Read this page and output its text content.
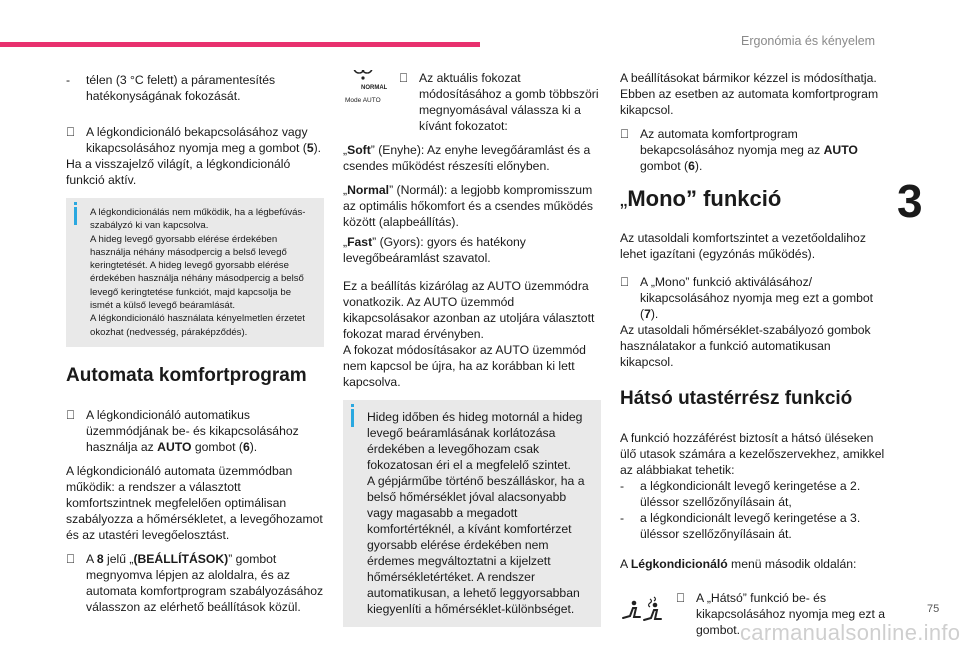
Ergonómia és kényelem
3
75
carmanualsonline.info

- télen (3 °C felett) a páramentesítés hatékonyságának fokozását.

A légkondicionáló bekapcsolásához vagy kikapcsolásához nyomja meg a gombot (5).

Ha a visszajelző világít, a légkondicionáló funkció aktív.

A légkondicionálás nem működik, ha a légbefúvás-szabályzó ki van kapcsolva.
A hideg levegő gyorsabb elérése érdekében használja néhány másodpercig a belső levegő keringtetését. A hideg levegő gyorsabb elérése érdekében használja néhány másodpercig a belső levegő keringtetése funkciót, majd kapcsolja be ismét a külső levegő beáramlását.
A légkondicionáló használata kényelmetlen érzetet okozhat (nedvesség, páraképződés).
Automata komfortprogram

A légkondicionáló automatikus üzemmódjának be- és kikapcsolásához használja az AUTO gombot (6).

A légkondicionáló automata üzemmódban működik: a rendszer a választott komfortszintnek megfelelően optimálisan szabályozza a hőmérsékletet, a levegőhozamot és az utastéri levegőelosztást.

A 8 jelű „(BEÁLLÍTÁSOK)” gombot megnyomva lépjen az aloldalra, és az automata komfortprogram szabályozásához válasszon az elérhető beállítások közül.

NORMAL
Mode AUTO
Az aktuális fokozat módosításához a gomb többszöri megnyomásával válassza ki a kívánt fokozatot:

„Soft” (Enyhe): Az enyhe levegőáramlást és a csendes működést részesíti előnyben.

„Normal” (Normál): a legjobb kompromisszum az optimális hőkomfort és a csendes működés között (alapbeállítás).

„Fast” (Gyors): gyors és hatékony levegőbeáramlást szavatol.

Ez a beállítás kizárólag az AUTO üzemmódra vonatkozik. Az AUTO üzemmód kikapcsolásakor azonban az utoljára választott fokozat marad érvényben.

A fokozat módosításakor az AUTO üzemmód nem kapcsol be újra, ha az korábban ki lett kapcsolva.

Hideg időben és hideg motornál a hideg levegő beáramlásának korlátozása érdekében a levegőhozam csak fokozatosan éri el a megfelelő szintet.
A gépjárműbe történő beszálláskor, ha a belső hőmérséklet jóval alacsonyabb vagy magasabb a megadott komfortértéknél, a kívánt komfortérzet gyorsabb elérése érdekében nem érdemes megváltoztatni a kijelzett hőmérsékletértéket. A rendszer automatikusan, a lehető leggyorsabban kiegyenlíti a hőmérséklet-különbséget.

A beállításokat bármikor kézzel is módosíthatja. Ebben az esetben az automata komfortprogram kikapcsol.

Az automata komfortprogram bekapcsolásához nyomja meg az AUTO gombot (6).

„Mono” funkció

Az utasoldali komfortszintet a vezetőoldalihoz lehet igazítani (egyzónás működés).

A „Mono” funkció aktiválásához/ kikapcsolásához nyomja meg ezt a gombot (7).

Az utasoldali hőmérséklet-szabályozó gombok használatakor a funkció automatikusan kikapcsol.

Hátsó utastérrész funkció

A funkció hozzáférést biztosít a hátsó üléseken ülő utasok számára a kezelőszervekhez, amikkel az alábbiakat tehetik:

- a légkondicionált levegő keringetése a 2. üléssor szellőzőnyílásain át,

- a légkondicionált levegő keringetése a 3. üléssor szellőzőnyílásain át.

A Légkondicionáló menü második oldalán:

A „Hátsó” funkció be- és kikapcsolásához nyomja meg ezt a gombot.
